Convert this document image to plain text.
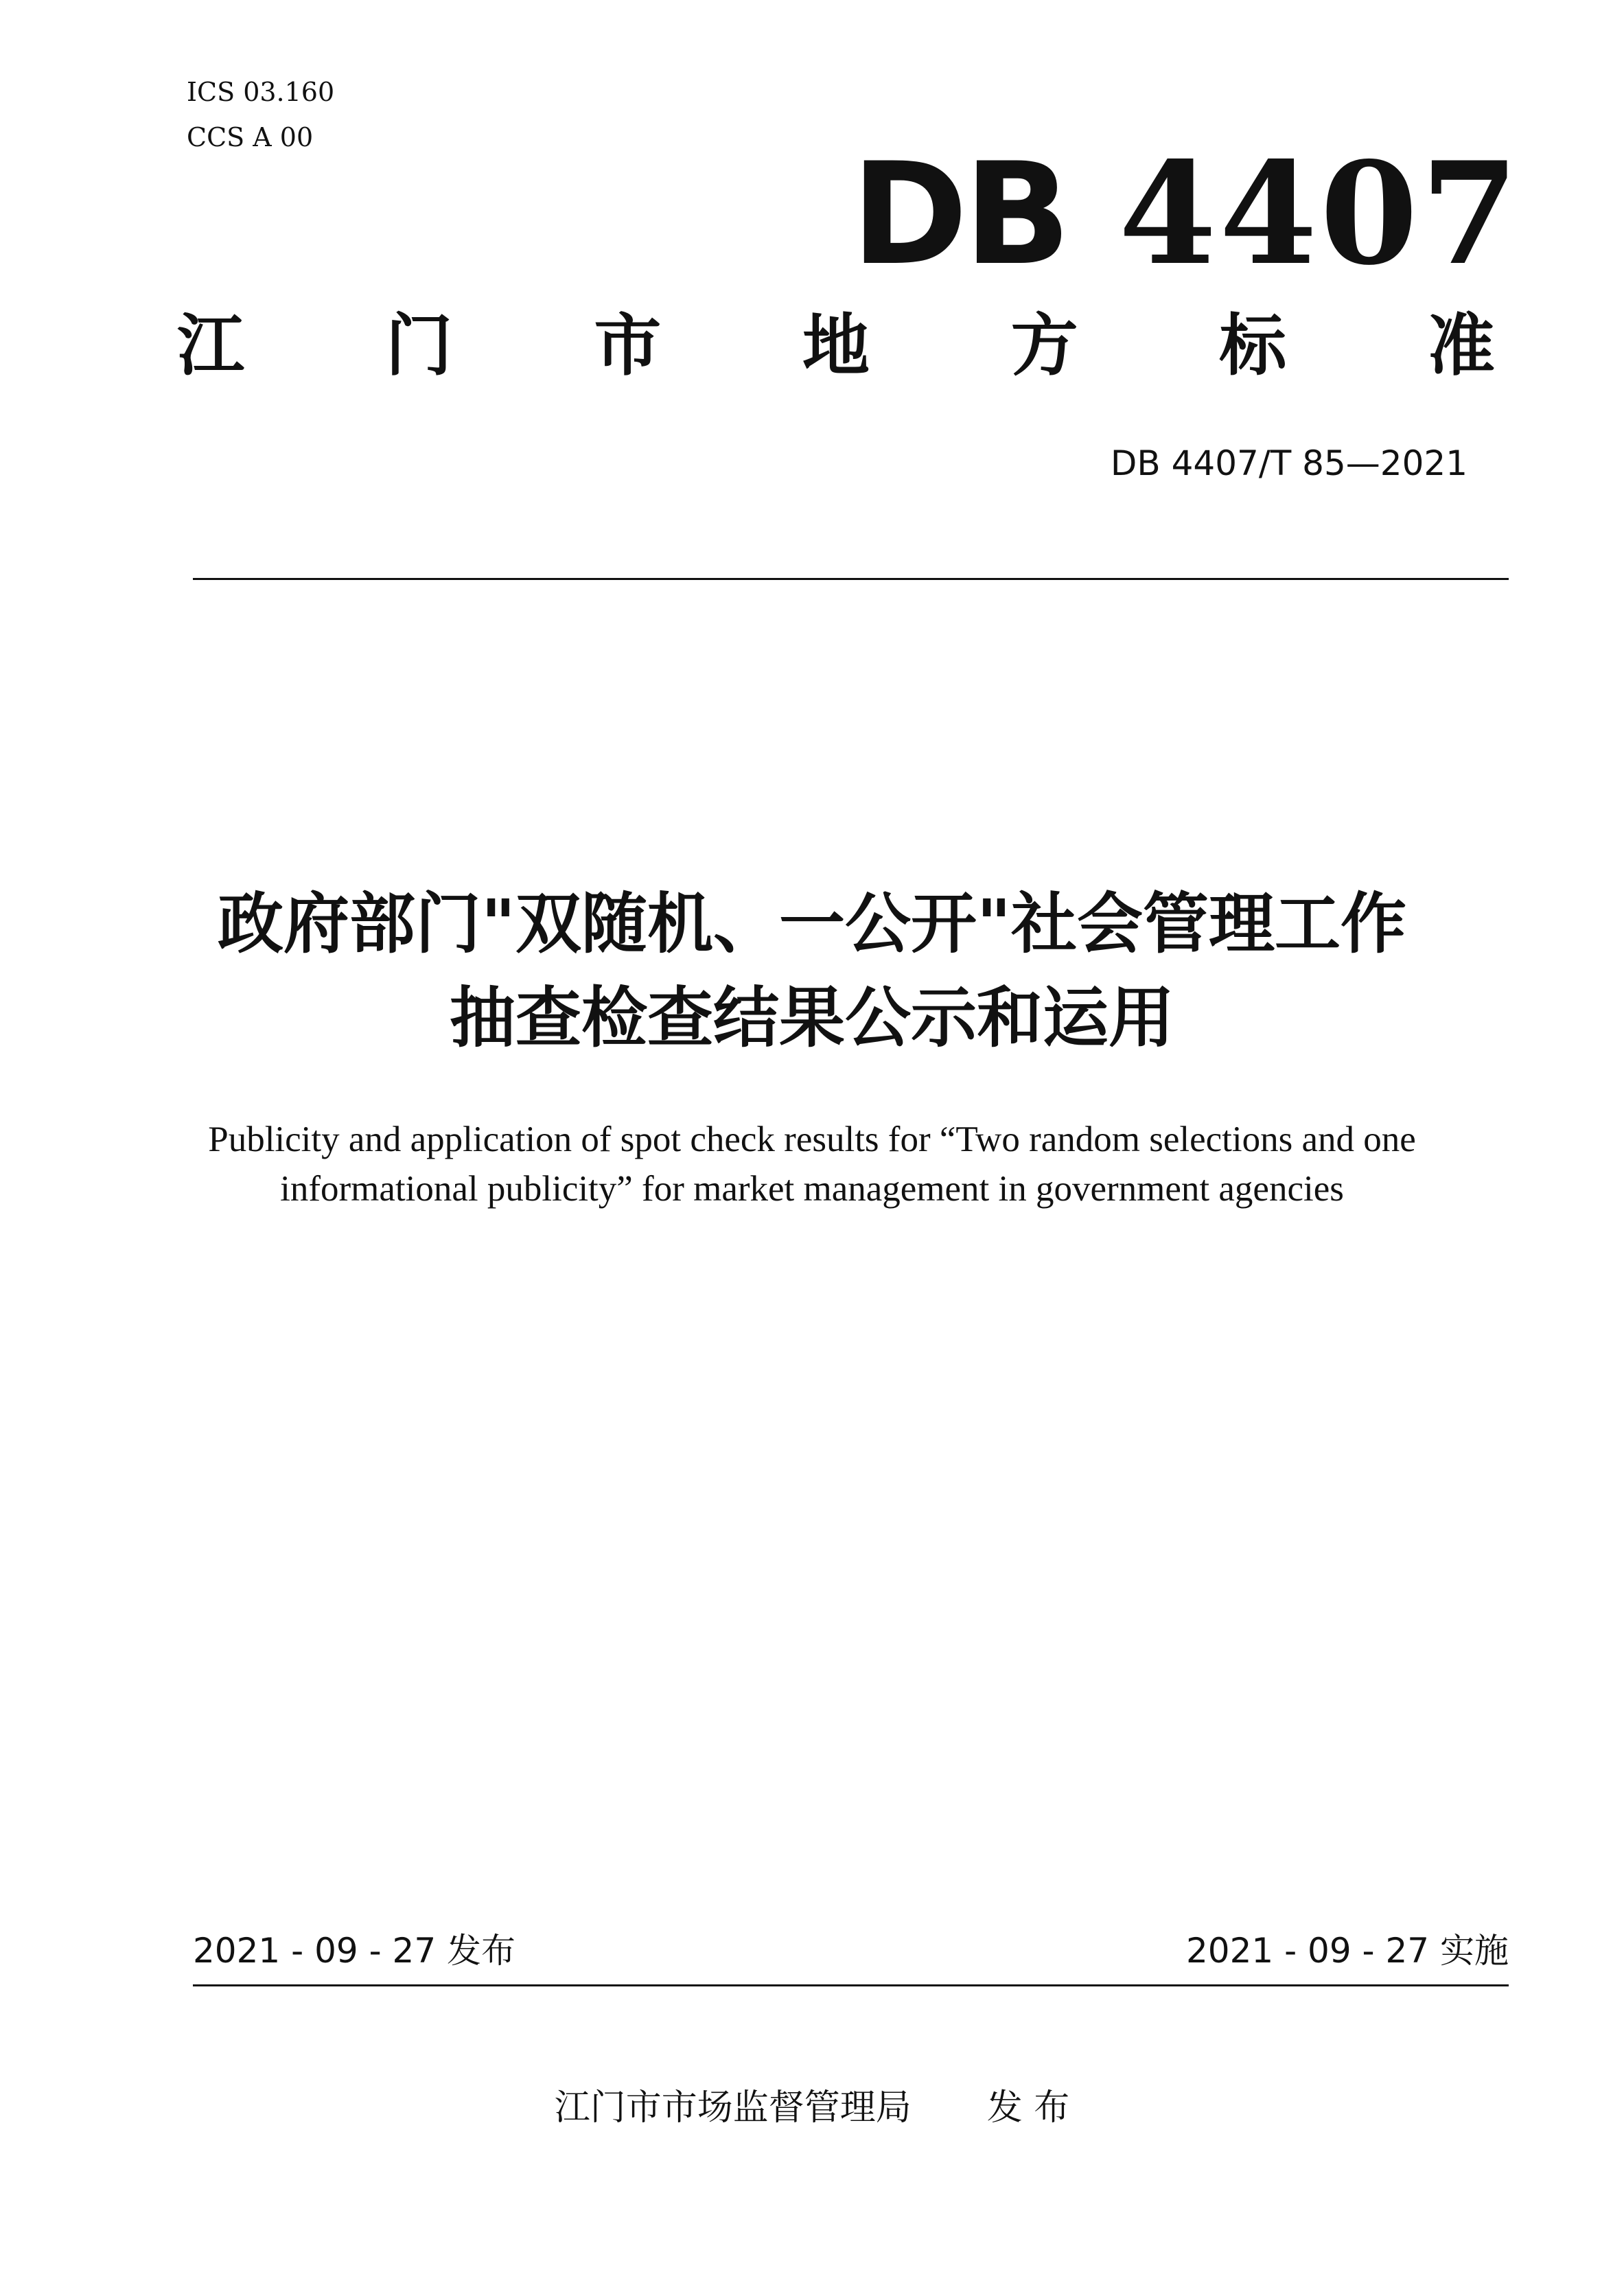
ICS 03.160
CCS A 00	DB 4407
江 门 市 地 方 标 准
DB 4407/T 85—2021
政府部门"双随机、一公开"社会管理工作
抽查检查结果公示和运用
Publicity and application of spot check results for “Two random selections and one
informational publicity” for market management in government agencies
2021 - 09 - 27 发布	2021 - 09 - 27 实施
江门市市场监督管理局 发 布
